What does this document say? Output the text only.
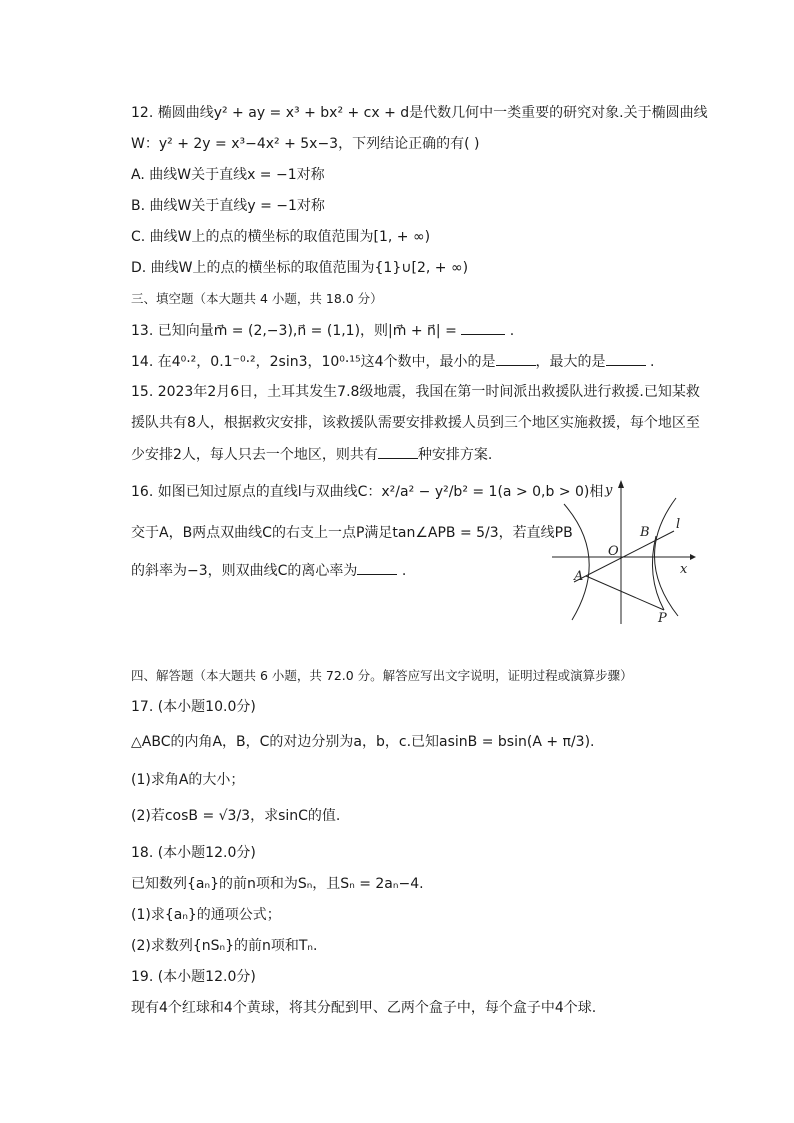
12. 椭圆曲线y² + ay = x³ + bx² + cx + d是代数几何中一类重要的研究对象.关于椭圆曲线
W：y² + 2y = x³−4x² + 5x−3，下列结论正确的有( )
A. 曲线W关于直线x = −1对称
B. 曲线W关于直线y = −1对称
C. 曲线W上的点的横坐标的取值范围为[1, + ∞)
D. 曲线W上的点的横坐标的取值范围为{1}∪[2, + ∞)
三、填空题（本大题共 4 小题，共 18.0 分）
13. 已知向量m⃗ = (2,−3),n⃗ = (1,1)，则|m⃗ + n⃗| =	.
14. 在4⁰·²，0.1⁻⁰·²，2sin3，10⁰·¹⁵这4个数中，最小的是	，最大的是	.
15. 2023年2月6日，土耳其发生7.8级地震，我国在第一时间派出救援队进行救援.已知某救
援队共有8人，根据救灾安排，该救援队需要安排救援人员到三个地区实施救援，每个地区至
少安排2人，每人只去一个地区，则共有	种安排方案.
16. 如图已知过原点的直线l与双曲线C：x²/a² − y²/b² = 1(a > 0,b > 0)相
交于A，B两点双曲线C的右支上一点P满足tan∠APB = 5/3，若直线PB
的斜率为−3，则双曲线C的离心率为	.
y
x
O
B
l
A
P
四、解答题（本大题共 6 小题，共 72.0 分。解答应写出文字说明，证明过程或演算步骤）
17. (本小题10.0分)
△ABC的内角A，B，C的对边分别为a，b，c.已知asinB = bsin(A + π/3).
(1)求角A的大小；
(2)若cosB = √3/3，求sinC的值.
18. (本小题12.0分)
已知数列{aₙ}的前n项和为Sₙ，且Sₙ = 2aₙ−4.
(1)求{aₙ}的通项公式；
(2)求数列{nSₙ}的前n项和Tₙ.
19. (本小题12.0分)
现有4个红球和4个黄球，将其分配到甲、乙两个盒子中，每个盒子中4个球.
